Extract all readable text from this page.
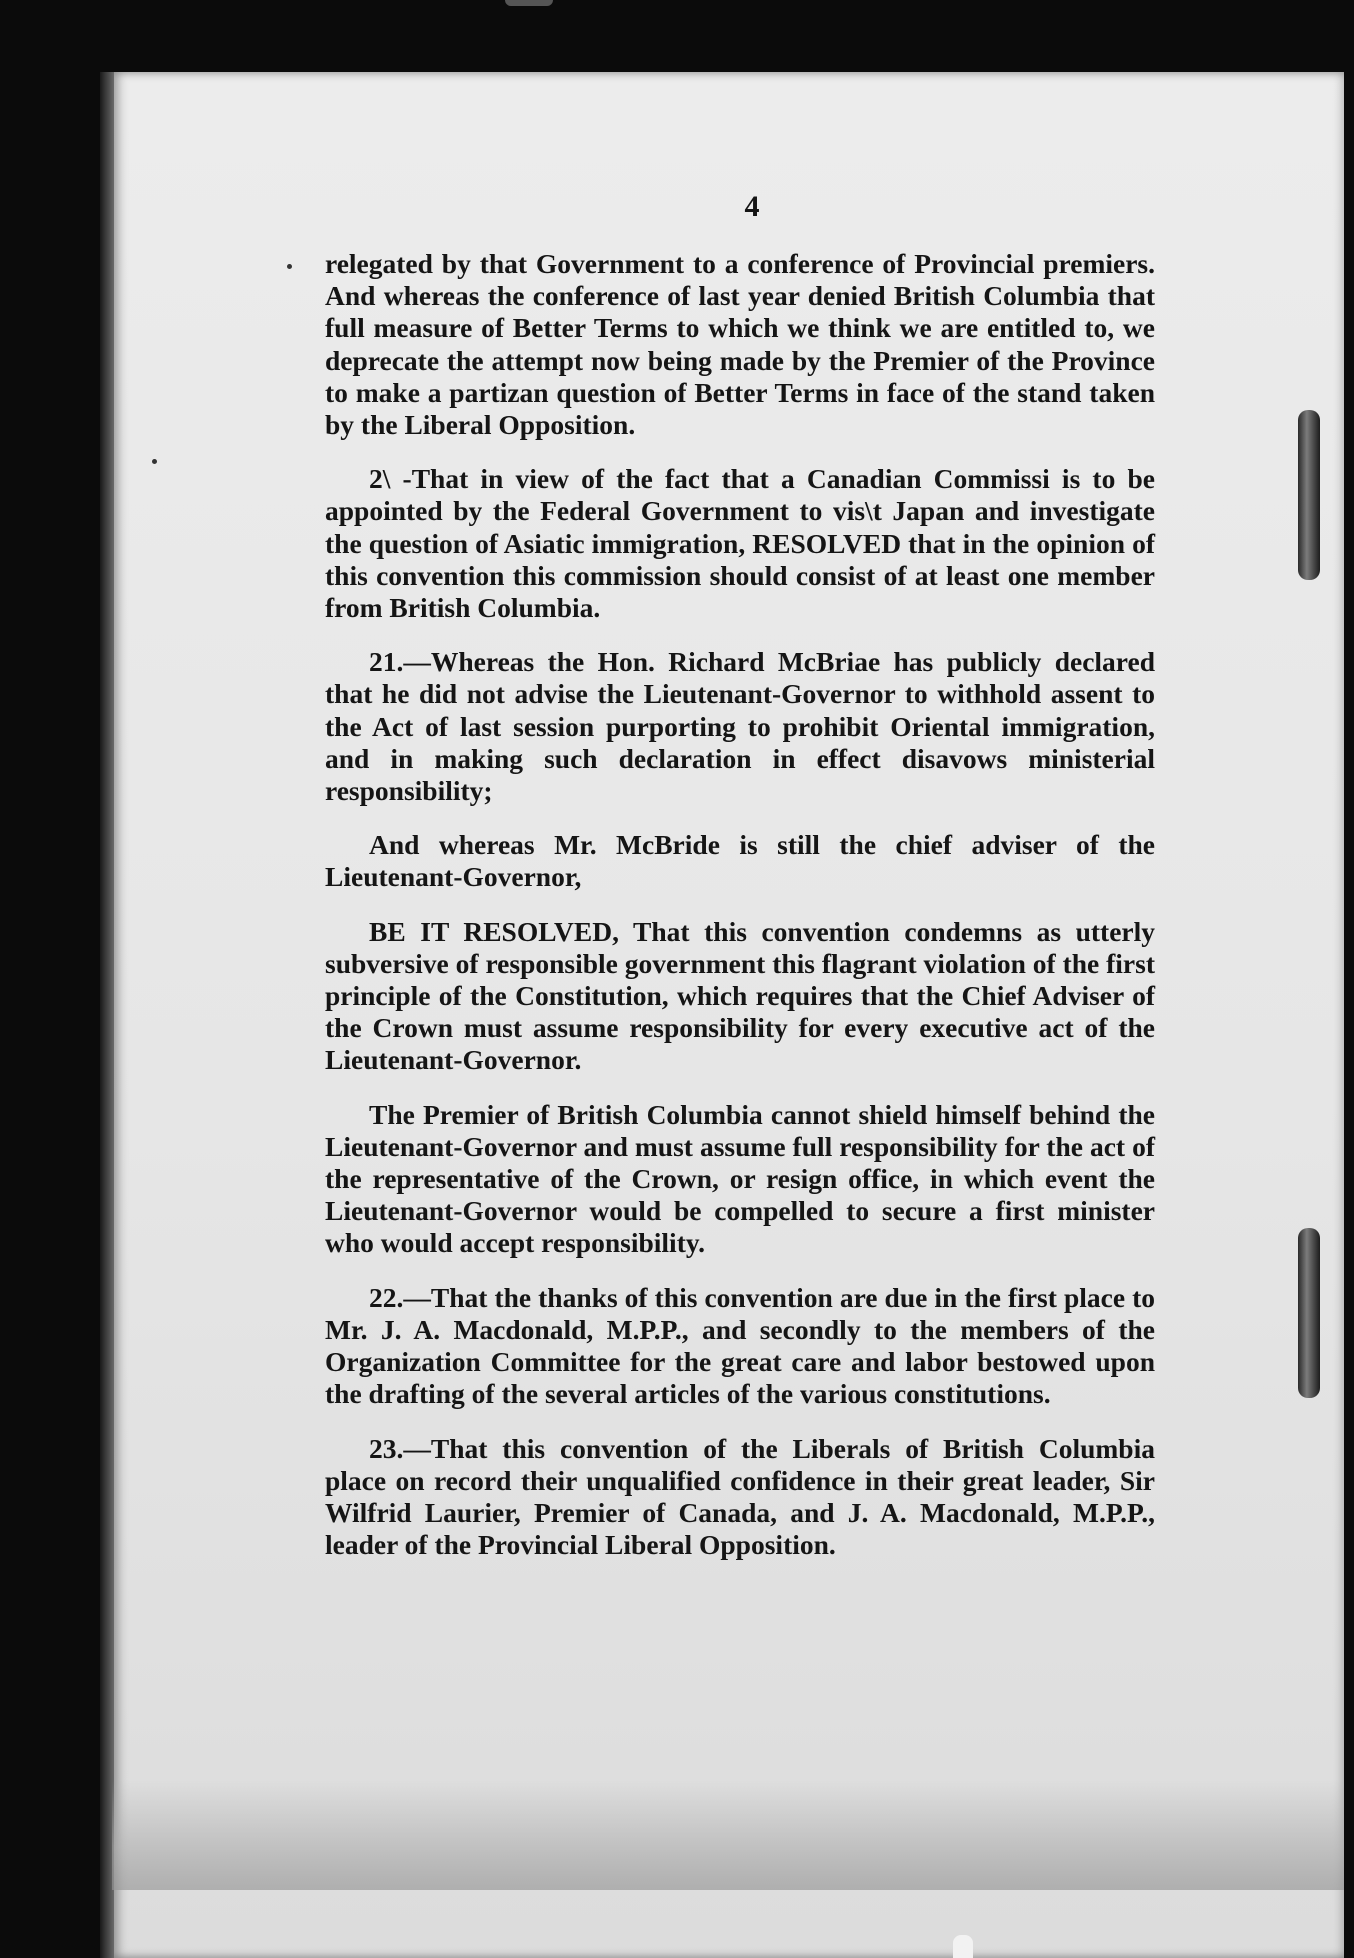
4

relegated by that Government to a conference of Provincial premiers. And whereas the conference of last year denied British Columbia that full measure of Better Terms to which we think we are entitled to, we deprecate the attempt now being made by the Premier of the Province to make a partizan question of Better Terms in face of the stand taken by the Liberal Opposition.

2\ -That in view of the fact that a Canadian Commissi is to be appointed by the Federal Government to vis\t Japan and investigate the question of Asiatic immigration, RESOLVED that in the opinion of this convention this commission should consist of at least one member from British Columbia.

21.—Whereas the Hon. Richard McBriae has publicly declared that he did not advise the Lieutenant-Governor to withhold assent to the Act of last session purporting to prohibit Oriental immigration, and in making such declaration in effect disavows ministerial responsibility;

And whereas Mr. McBride is still the chief adviser of the Lieutenant-Governor,

BE IT RESOLVED, That this convention condemns as utterly subversive of responsible government this flagrant violation of the first principle of the Constitution, which requires that the Chief Adviser of the Crown must assume responsibility for every executive act of the Lieutenant-Governor.

The Premier of British Columbia cannot shield himself behind the Lieutenant-Governor and must assume full responsibility for the act of the representative of the Crown, or resign office, in which event the Lieutenant-Governor would be compelled to secure a first minister who would accept responsibility.

22.—That the thanks of this convention are due in the first place to Mr. J. A. Macdonald, M.P.P., and secondly to the members of the Organization Committee for the great care and labor bestowed upon the drafting of the several articles of the various constitutions.

23.—That this convention of the Liberals of British Columbia place on record their unqualified confidence in their great leader, Sir Wilfrid Laurier, Premier of Canada, and J. A. Macdonald, M.P.P., leader of the Provincial Liberal Opposition.
